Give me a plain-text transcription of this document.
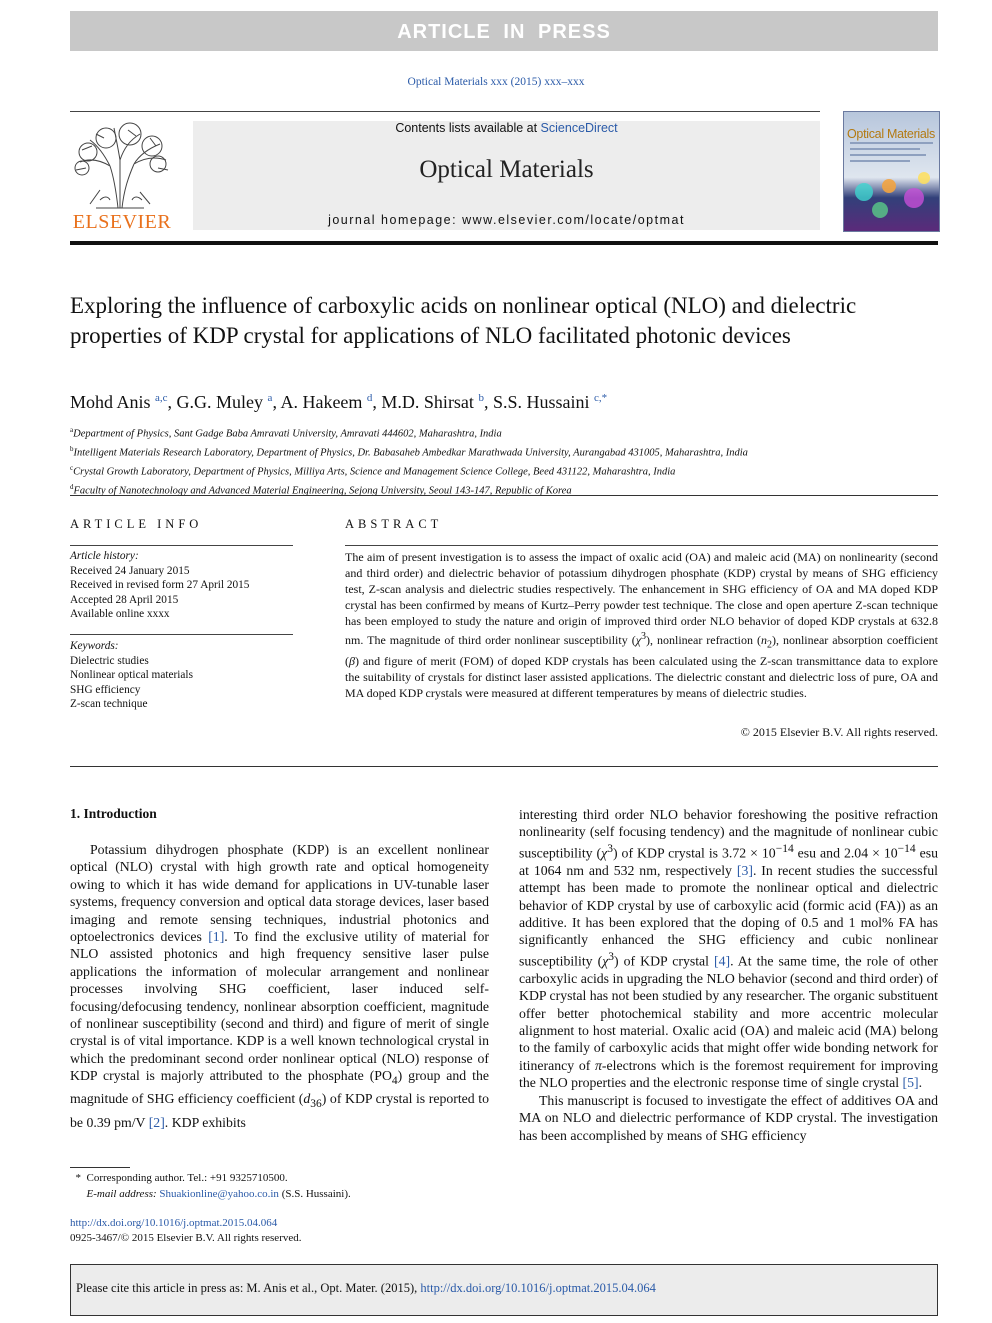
ARTICLE IN PRESS
Optical Materials xxx (2015) xxx–xxx
ELSEVIER
Contents lists available at ScienceDirect
Optical Materials
journal homepage: www.elsevier.com/locate/optmat
Optical Materials
Exploring the influence of carboxylic acids on nonlinear optical (NLO) and dielectric properties of KDP crystal for applications of NLO facilitated photonic devices
Mohd Anis $^{a,c}$, G.G. Muley $^a$, A. Hakeem $^d$, M.D. Shirsat $^b$, S.S. Hussaini $^{c,*}$
$^a$Department of Physics, Sant Gadge Baba Amravati University, Amravati 444602, Maharashtra, India
$^b$Intelligent Materials Research Laboratory, Department of Physics, Dr. Babasaheb Ambedkar Marathwada University, Aurangabad 431005, Maharashtra, India
$^c$Crystal Growth Laboratory, Department of Physics, Milliya Arts, Science and Management Science College, Beed 431122, Maharashtra, India
$^d$Faculty of Nanotechnology and Advanced Material Engineering, Sejong University, Seoul 143-147, Republic of Korea
ARTICLE INFO
Article history:
Received 24 January 2015
Received in revised form 27 April 2015
Accepted 28 April 2015
Available online xxxx
Keywords:
Dielectric studies
Nonlinear optical materials
SHG efficiency
Z-scan technique
ABSTRACT
The aim of present investigation is to assess the impact of oxalic acid (OA) and maleic acid (MA) on nonlinearity (second and third order) and dielectric behavior of potassium dihydrogen phosphate (KDP) crystal by means of SHG efficiency test, Z-scan analysis and dielectric studies respectively. The enhancement in SHG efficiency of OA and MA doped KDP crystal has been confirmed by means of Kurtz–Perry powder test technique. The close and open aperture Z-scan technique has been employed to study the nature and origin of improved third order NLO behavior of doped KDP crystals at 632.8 nm. The magnitude of third order nonlinear susceptibility $(\chi^3)$, nonlinear refraction $(n_2)$, nonlinear absorption coefficient (β) and figure of merit (FOM) of doped KDP crystals has been calculated using the Z-scan transmittance data to explore the suitability of crystals for distinct laser assisted applications. The dielectric constant and dielectric loss of pure, OA and MA doped KDP crystals were measured at different temperatures by means of dielectric studies.
© 2015 Elsevier B.V. All rights reserved.
1. Introduction

Potassium dihydrogen phosphate (KDP) is an excellent nonlinear optical (NLO) crystal with high growth rate and optical homogeneity owing to which it has wide demand for applications in UV-tunable laser systems, frequency conversion and optical data storage devices, laser based imaging and remote sensing techniques, industrial photonics and optoelectronics devices [1]. To find the exclusive utility of material for NLO assisted photonics and high frequency sensitive laser pulse applications the information of molecular arrangement and nonlinear processes involving SHG coefficient, laser induced self-focusing/defocusing tendency, nonlinear absorption coefficient, magnitude of nonlinear susceptibility (second and third) and figure of merit of single crystal is of vital importance. KDP is a well known technological crystal in which the predominant second order nonlinear optical (NLO) response of KDP crystal is majorly attributed to the phosphate $(PO_4)$ group and the magnitude of SHG efficiency coefficient $(d_{36})$ of KDP crystal is reported to be 0.39 pm/V [2]. KDP exhibits

interesting third order NLO behavior foreshowing the positive refraction nonlinearity (self focusing tendency) and the magnitude of nonlinear cubic susceptibility $(\chi^3)$ of KDP crystal is $3.72 \times 10^{-14}$ esu and $2.04 \times 10^{-14}$ esu at 1064 nm and 532 nm, respectively [3]. In recent studies the successful attempt has been made to promote the nonlinear optical and dielectric behavior of KDP crystal by use of carboxylic acid (formic acid (FA)) as an additive. It has been explored that the doping of 0.5 and 1 mol% FA has significantly enhanced the SHG efficiency and cubic nonlinear susceptibility $(\chi^3)$ of KDP crystal [4]. At the same time, the role of other carboxylic acids in upgrading the NLO behavior (second and third order) of KDP crystal has not been studied by any researcher. The organic substituent offer better photochemical stability and more accentric molecular alignment to host material. Oxalic acid (OA) and maleic acid (MA) belong to the family of carboxylic acids that might offer wide bonding network for itinerancy of π-electrons which is the foremost requirement for improving the NLO properties and the electronic response time of single crystal [5].

This manuscript is focused to investigate the effect of additives OA and MA on NLO and dielectric performance of KDP crystal. The investigation has been accomplished by means of SHG efficiency

* Corresponding author. Tel.: +91 9325710500.
E-mail address: Shuakionline@yahoo.co.in (S.S. Hussaini).
http://dx.doi.org/10.1016/j.optmat.2015.04.064
0925-3467/© 2015 Elsevier B.V. All rights reserved.
Please cite this article in press as: M. Anis et al., Opt. Mater. (2015), http://dx.doi.org/10.1016/j.optmat.2015.04.064
